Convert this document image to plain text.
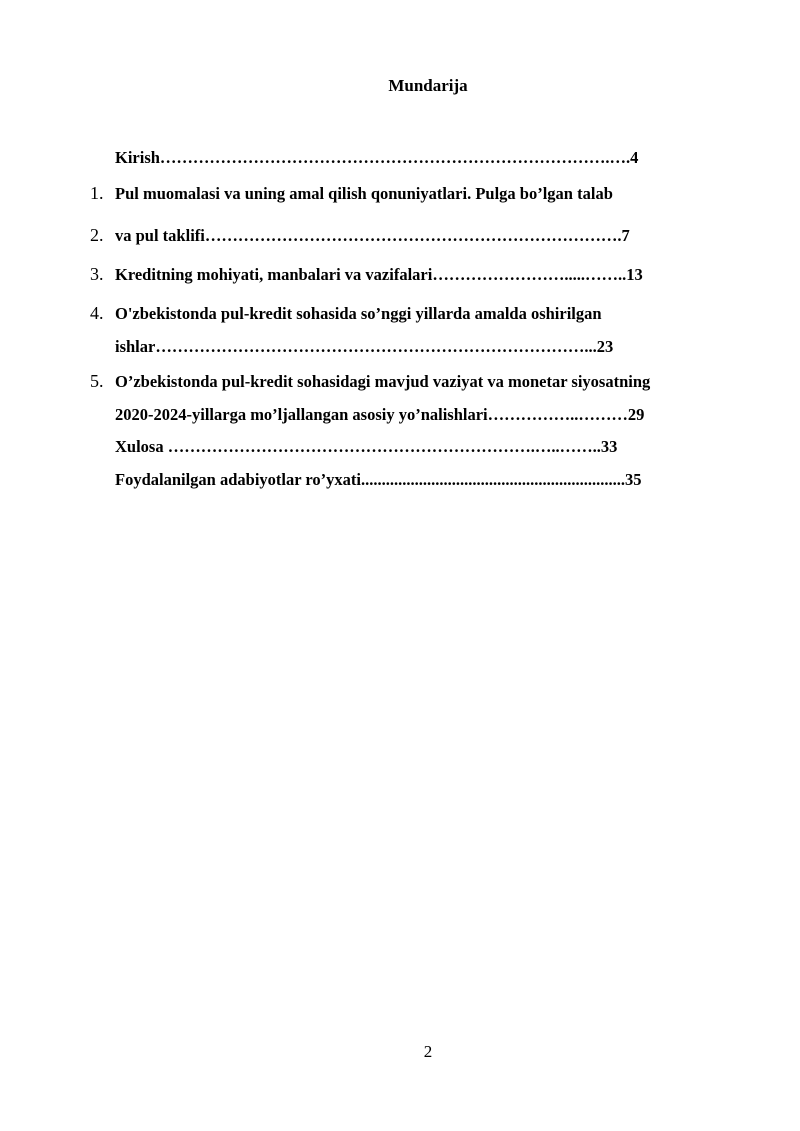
Mundarija
Kirish……………………………………………………………………….….4
1. Pul muomalasi va uning amal qilish qonuniyatlari. Pulga bo’lgan talab
2. va pul taklifi………………………………………………………………….7
3. Kreditning mohiyati, manbalari va vazifalari…………………….....……..13
4. O'zbekistonda pul-kredit sohasida so’nggi yillarda amalda oshirilgan
ishlar……………………………………………………………………...23
5. O’zbekistonda pul-kredit sohasidagi mavjud vaziyat va monetar siyosatning
2020-2024-yillarga mo’ljallangan asosiy yo’nalishlari……………..………29
Xulosa ………………………………………………………….…..……..33
Foydalanilgan adabiyotlar ro’yxati................................................................35
2
